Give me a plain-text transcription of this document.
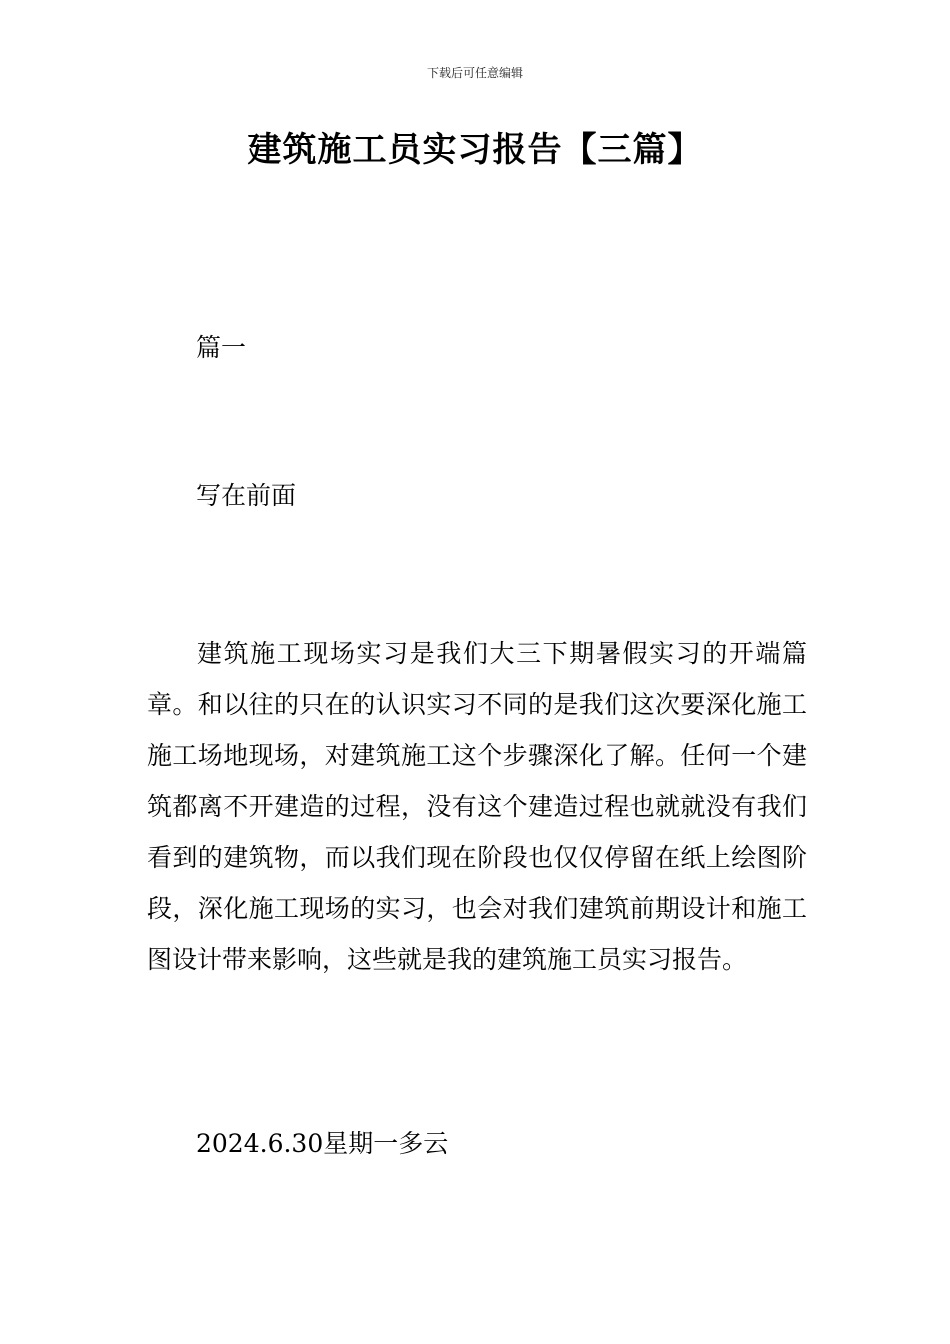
下载后可任意编辑
建筑施工员实习报告【三篇】
篇一
写在前面

建筑施工现场实习是我们大三下期暑假实习的开端篇章。和以往的只在的认识实习不同的是我们这次要深化施工施工场地现场，对建筑施工这个步骤深化了解。任何一个建筑都离不开建造的过程，没有这个建造过程也就就没有我们看到的建筑物，而以我们现在阶段也仅仅停留在纸上绘图阶段，深化施工现场的实习，也会对我们建筑前期设计和施工图设计带来影响，这些就是我的建筑施工员实习报告。

2024.6.30星期一多云
